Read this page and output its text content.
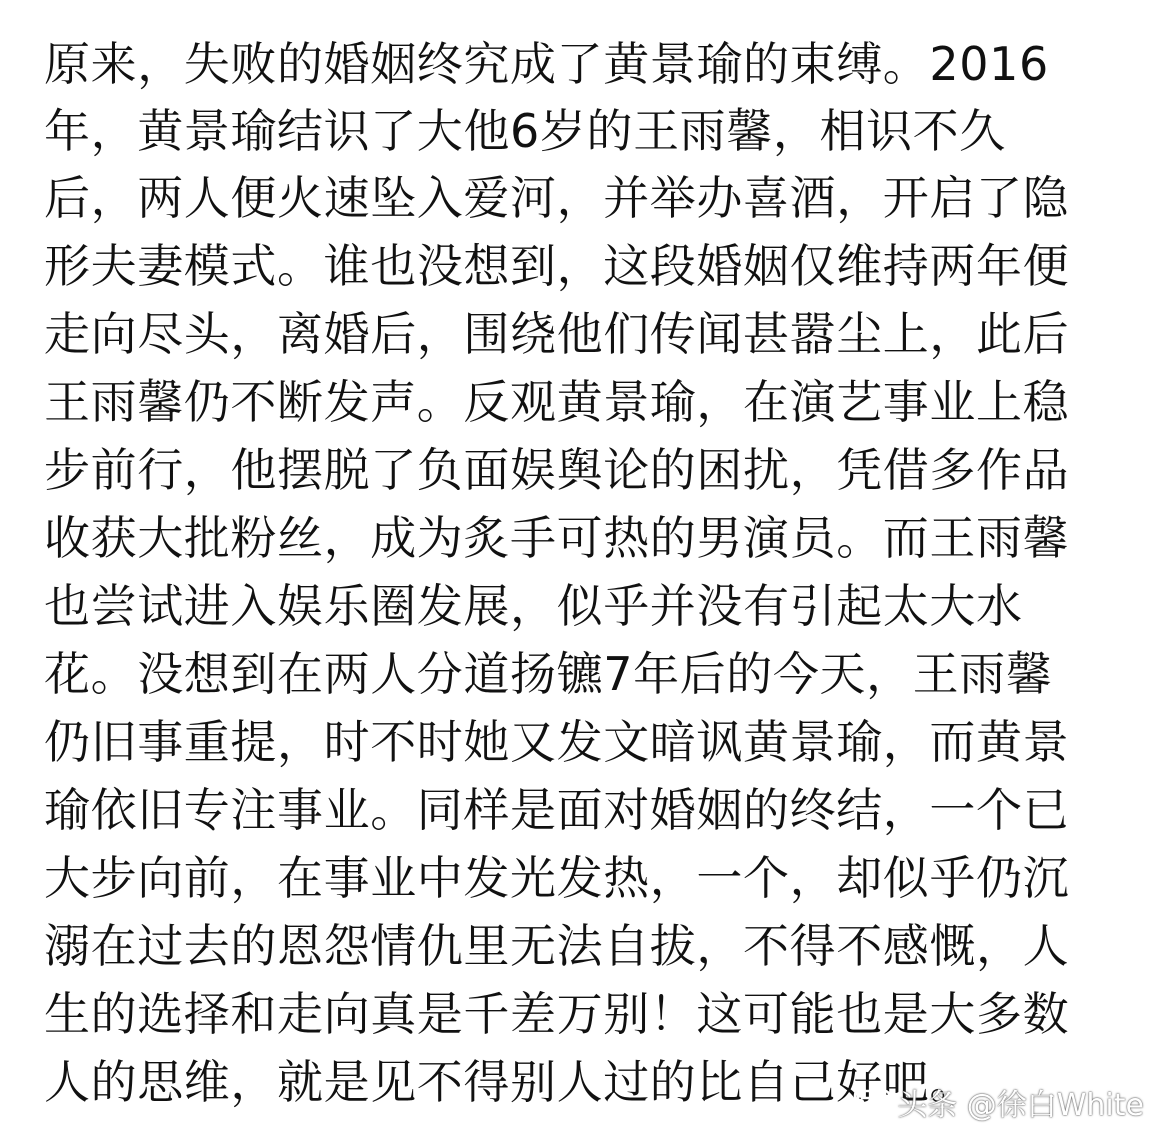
原来，失败的婚姻终究成了黄景瑜的束缚。2016
年，黄景瑜结识了大他6岁的王雨馨，相识不久
后，两人便火速坠入爱河，并举办喜酒，开启了隐
形夫妻模式。谁也没想到，这段婚姻仅维持两年便
走向尽头，离婚后，围绕他们传闻甚嚣尘上，此后
王雨馨仍不断发声。反观黄景瑜，在演艺事业上稳
步前行，他摆脱了负面娱舆论的困扰，凭借多作品
收获大批粉丝，成为炙手可热的男演员。而王雨馨
也尝试进入娱乐圈发展，似乎并没有引起太大水
花。没想到在两人分道扬镳7年后的今天，王雨馨
仍旧事重提，时不时她又发文暗讽黄景瑜，而黄景
瑜依旧专注事业。同样是面对婚姻的终结，一个已
大步向前，在事业中发光发热，一个，却似乎仍沉
溺在过去的恩怨情仇里无法自拔，不得不感慨，人
生的选择和走向真是千差万别！这可能也是大多数
人的思维，就是见不得别人过的比自己好吧。
头条 @徐白White
